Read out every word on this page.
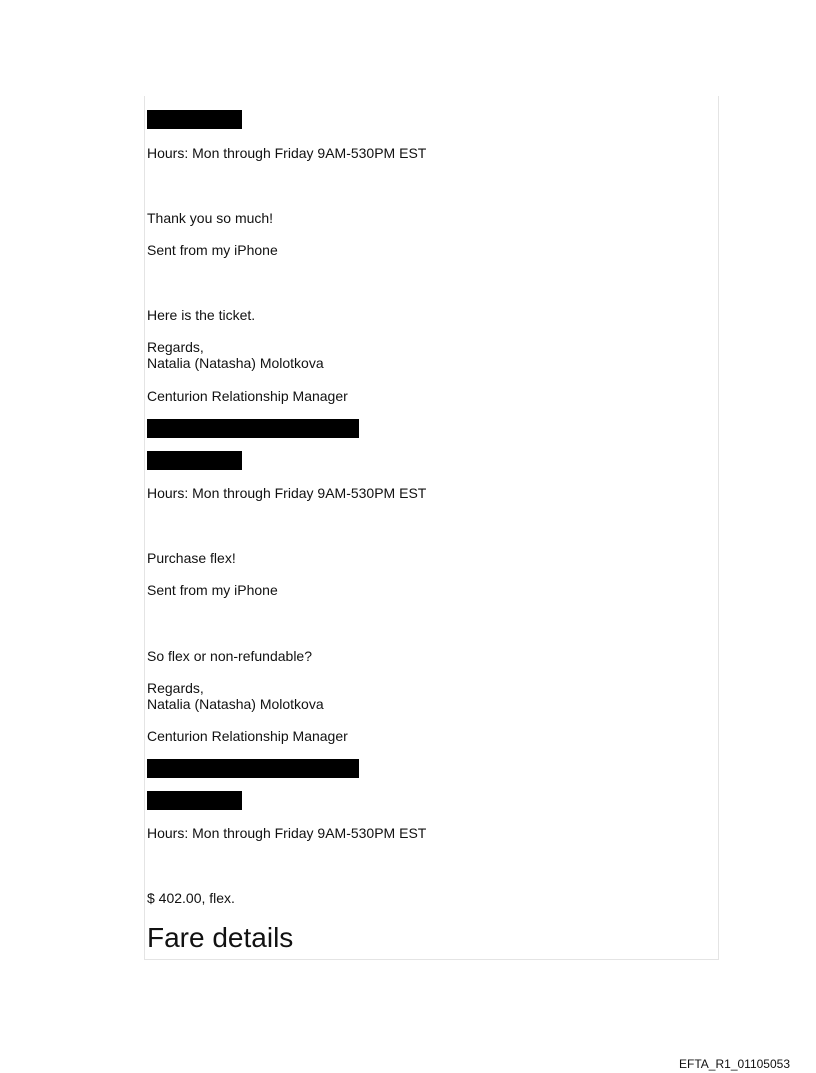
Hours: Mon through Friday 9AM-530PM EST
Thank you so much!
Sent from my iPhone
Here is the ticket.
Regards,
Natalia (Natasha) Molotkova
Centurion Relationship Manager
Hours: Mon through Friday 9AM-530PM EST
Purchase flex!
Sent from my iPhone
So flex or non-refundable?
Regards,
Natalia (Natasha) Molotkova
Centurion Relationship Manager
Hours: Mon through Friday 9AM-530PM EST
$ 402.00, flex.
Fare details
EFTA_R1_01105053
